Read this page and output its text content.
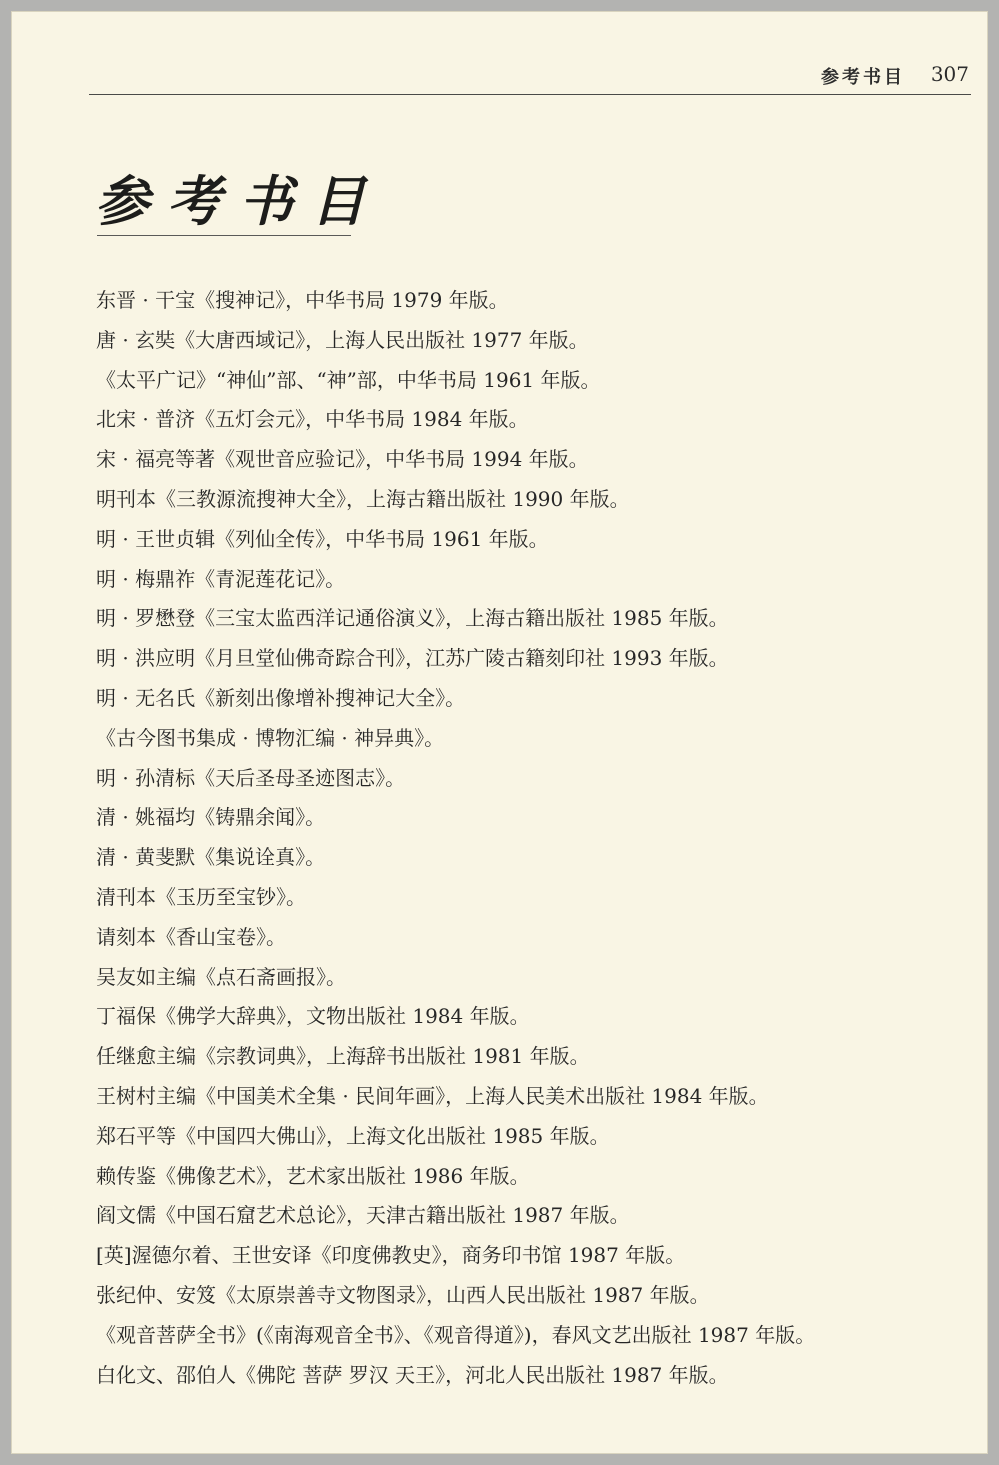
参考书目 307
参考书目
东晋 · 干宝《搜神记》，中华书局 1979 年版。
唐 · 玄奘《大唐西域记》，上海人民出版社 1977 年版。
《太平广记》“神仙”部、“神”部，中华书局 1961 年版。
北宋 · 普济《五灯会元》，中华书局 1984 年版。
宋 · 福亮等著《观世音应验记》，中华书局 1994 年版。
明刊本《三教源流搜神大全》，上海古籍出版社 1990 年版。
明 · 王世贞辑《列仙全传》，中华书局 1961 年版。
明 · 梅鼎祚《青泥莲花记》。
明 · 罗懋登《三宝太监西洋记通俗演义》，上海古籍出版社 1985 年版。
明 · 洪应明《月旦堂仙佛奇踪合刊》，江苏广陵古籍刻印社 1993 年版。
明 · 无名氏《新刻出像增补搜神记大全》。
《古今图书集成 · 博物汇编 · 神异典》。
明 · 孙清标《天后圣母圣迹图志》。
清 · 姚福均《铸鼎余闻》。
清 · 黄斐默《集说诠真》。
清刊本《玉历至宝钞》。
请刻本《香山宝卷》。
吴友如主编《点石斋画报》。
丁福保《佛学大辞典》，文物出版社 1984 年版。
任继愈主编《宗教词典》，上海辞书出版社 1981 年版。
王树村主编《中国美术全集 · 民间年画》，上海人民美术出版社 1984 年版。
郑石平等《中国四大佛山》，上海文化出版社 1985 年版。
赖传鉴《佛像艺术》，艺术家出版社 1986 年版。
阎文儒《中国石窟艺术总论》，天津古籍出版社 1987 年版。
[英]渥德尔着、王世安译《印度佛教史》，商务印书馆 1987 年版。
张纪仲、安笈《太原崇善寺文物图录》，山西人民出版社 1987 年版。
《观音菩萨全书》(《南海观音全书》、《观音得道》)，春风文艺出版社 1987 年版。
白化文、邵伯人《佛陀 菩萨 罗汉 天王》，河北人民出版社 1987 年版。
